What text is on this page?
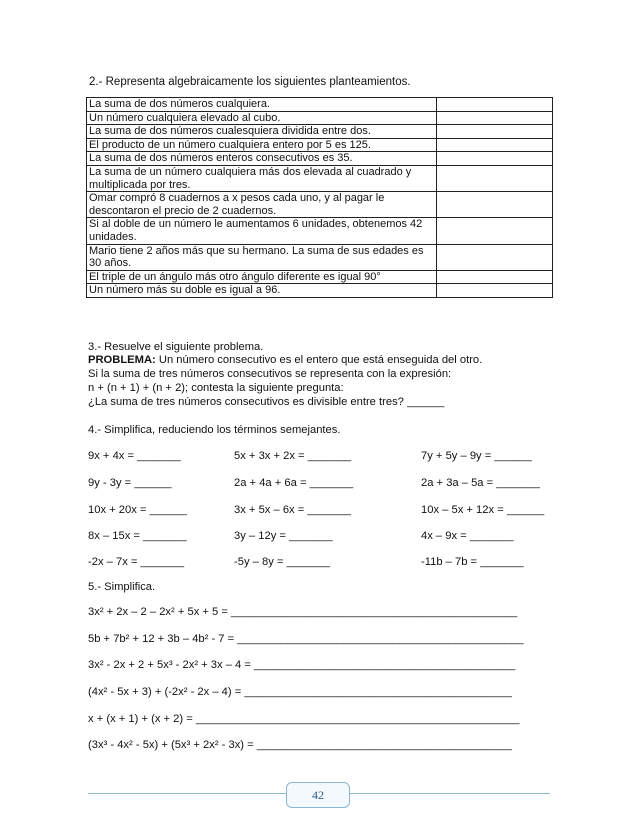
2.- Representa algebraicamente los siguientes planteamientos.
La suma de dos números cualquiera.	
Un número cualquiera elevado al cubo.	
La suma de dos números cualesquiera dividida entre dos.	
El producto de un número cualquiera entero por 5 es 125.	
La suma de dos números enteros consecutivos es 35.	
La suma de un número cualquiera más dos elevada al cuadrado y multiplicada por tres.	
Omar compró 8 cuadernos a x pesos cada uno, y al pagar le descontaron el precio de 2 cuadernos.	
Si al doble de un número le aumentamos 6 unidades, obtenemos 42 unidades.	
Mario tiene 2 años más que su hermano. La suma de sus edades es 30 años.	
El triple de un ángulo más otro ángulo diferente es igual 90°	
Un número más su doble es igual a 96.	
3.- Resuelve el siguiente problema.
PROBLEMA: Un número consecutivo es el entero que está enseguida del otro.
Si la suma de tres números consecutivos se representa con la expresión:
n + (n + 1) + (n + 2); contesta la siguiente pregunta:
¿La suma de tres números consecutivos es divisible entre tres? ______
4.- Simplifica, reduciendo los términos semejantes.
9x + 4x = _______	5x + 3x + 2x = _______	7y + 5y – 9y = ______
9y - 3y = ______	2a + 4a + 6a = _______	2a + 3a – 5a = _______
10x + 20x = ______	3x + 5x – 6x = _______	10x – 5x + 12x = ______
8x – 15x = _______	3y – 12y = _______	4x – 9x = _______
-2x – 7x = _______	-5y – 8y = _______	-11b – 7b = _______
5.- Simplifica.
3x² + 2x – 2 – 2x² + 5x + 5 = ______________________________________________
5b + 7b² + 12 + 3b – 4b² - 7 = ______________________________________________
3x² - 2x + 2 + 5x³ - 2x² + 3x – 4 = __________________________________________
(4x² - 5x + 3) + (-2x² - 2x – 4) = ___________________________________________
x + (x + 1) + (x + 2) = ____________________________________________________
(3x³ - 4x² - 5x) + (5x³ + 2x² - 3x) = _________________________________________
42
